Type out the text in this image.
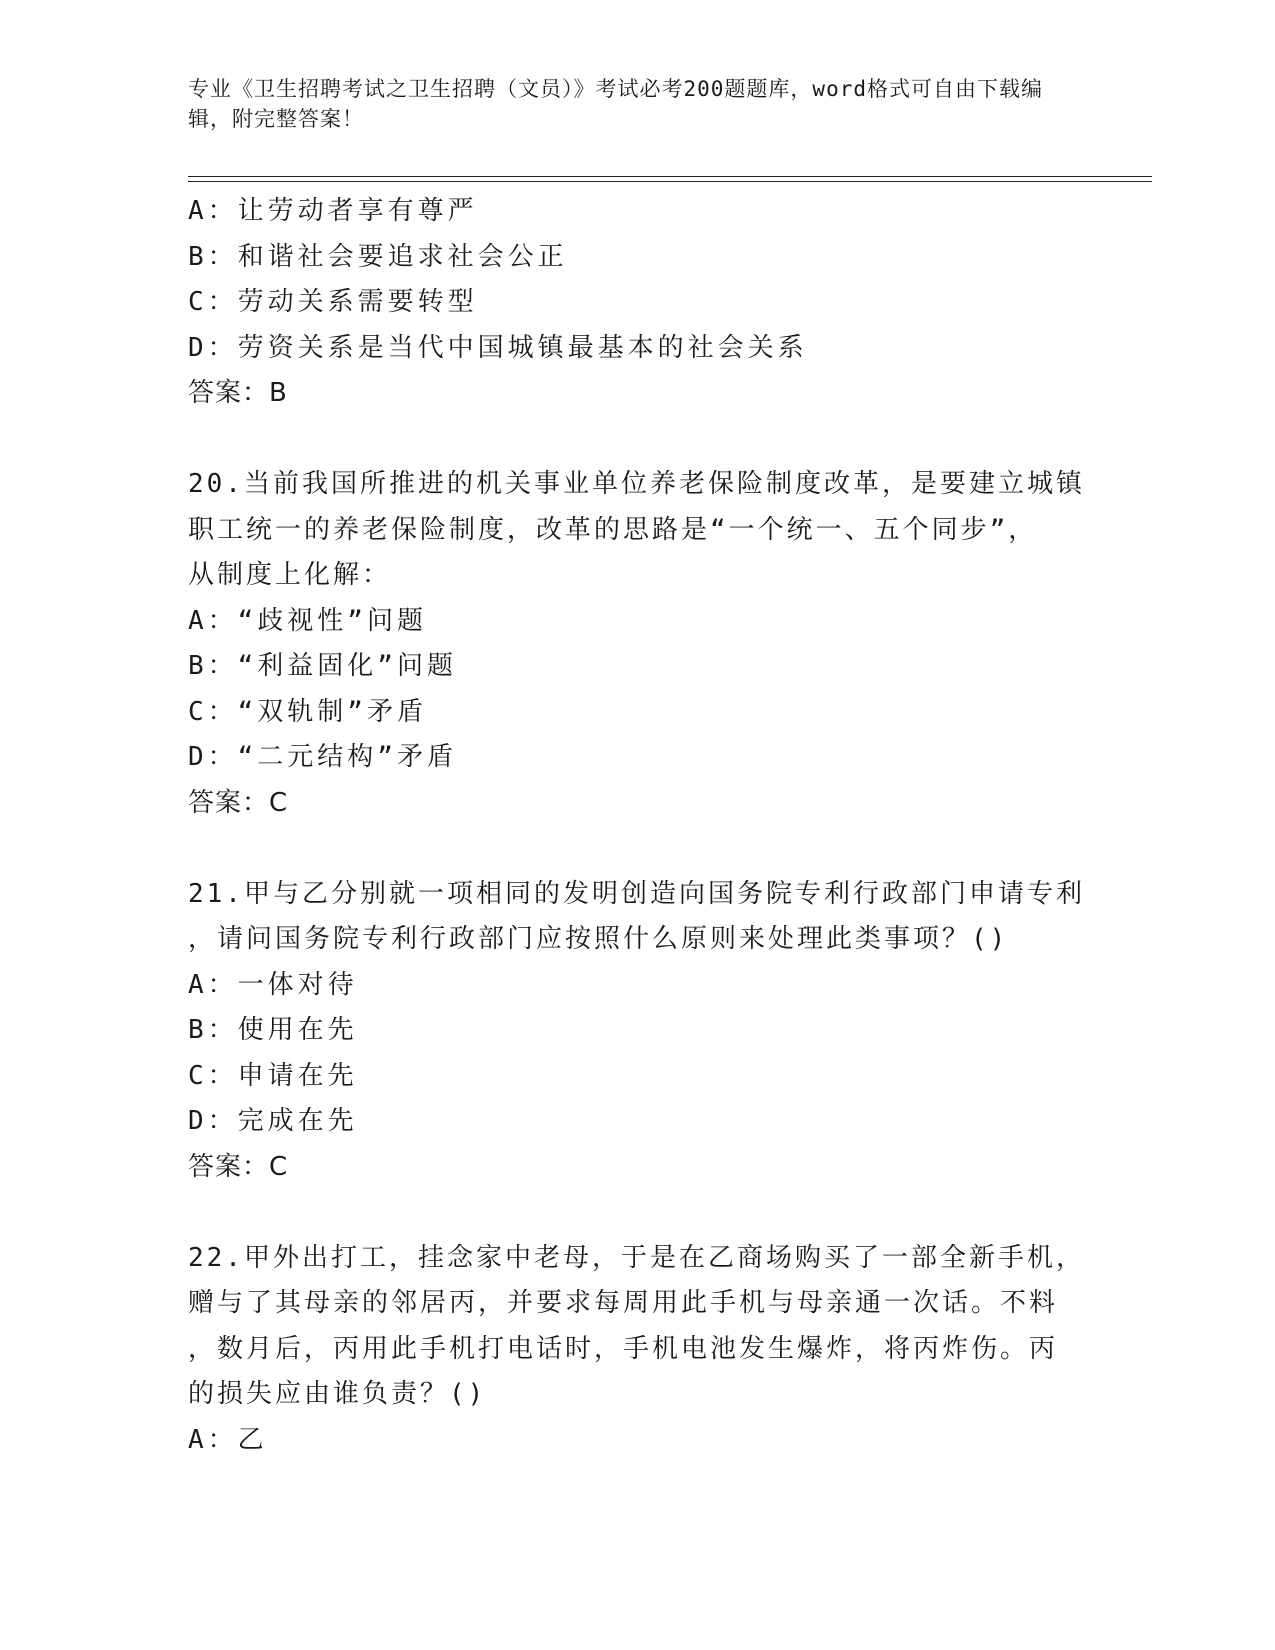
专业《卫生招聘考试之卫生招聘（文员）》考试必考200题题库，word格式可自由下载编辑，附完整答案！
A：让劳动者享有尊严
B：和谐社会要追求社会公正
C：劳动关系需要转型
D：劳资关系是当代中国城镇最基本的社会关系
答案：B
20.当前我国所推进的机关事业单位养老保险制度改革，是要建立城镇
职工统一的养老保险制度，改革的思路是“一个统一、五个同步”，
从制度上化解：
A：“歧视性”问题
B：“利益固化”问题
C：“双轨制”矛盾
D：“二元结构”矛盾
答案：C
21.甲与乙分别就一项相同的发明创造向国务院专利行政部门申请专利
，请问国务院专利行政部门应按照什么原则来处理此类事项？()
A：一体对待
B：使用在先
C：申请在先
D：完成在先
答案：C
22.甲外出打工，挂念家中老母，于是在乙商场购买了一部全新手机，
赠与了其母亲的邻居丙，并要求每周用此手机与母亲通一次话。不料
，数月后，丙用此手机打电话时，手机电池发生爆炸，将丙炸伤。丙
的损失应由谁负责？()
A：乙
